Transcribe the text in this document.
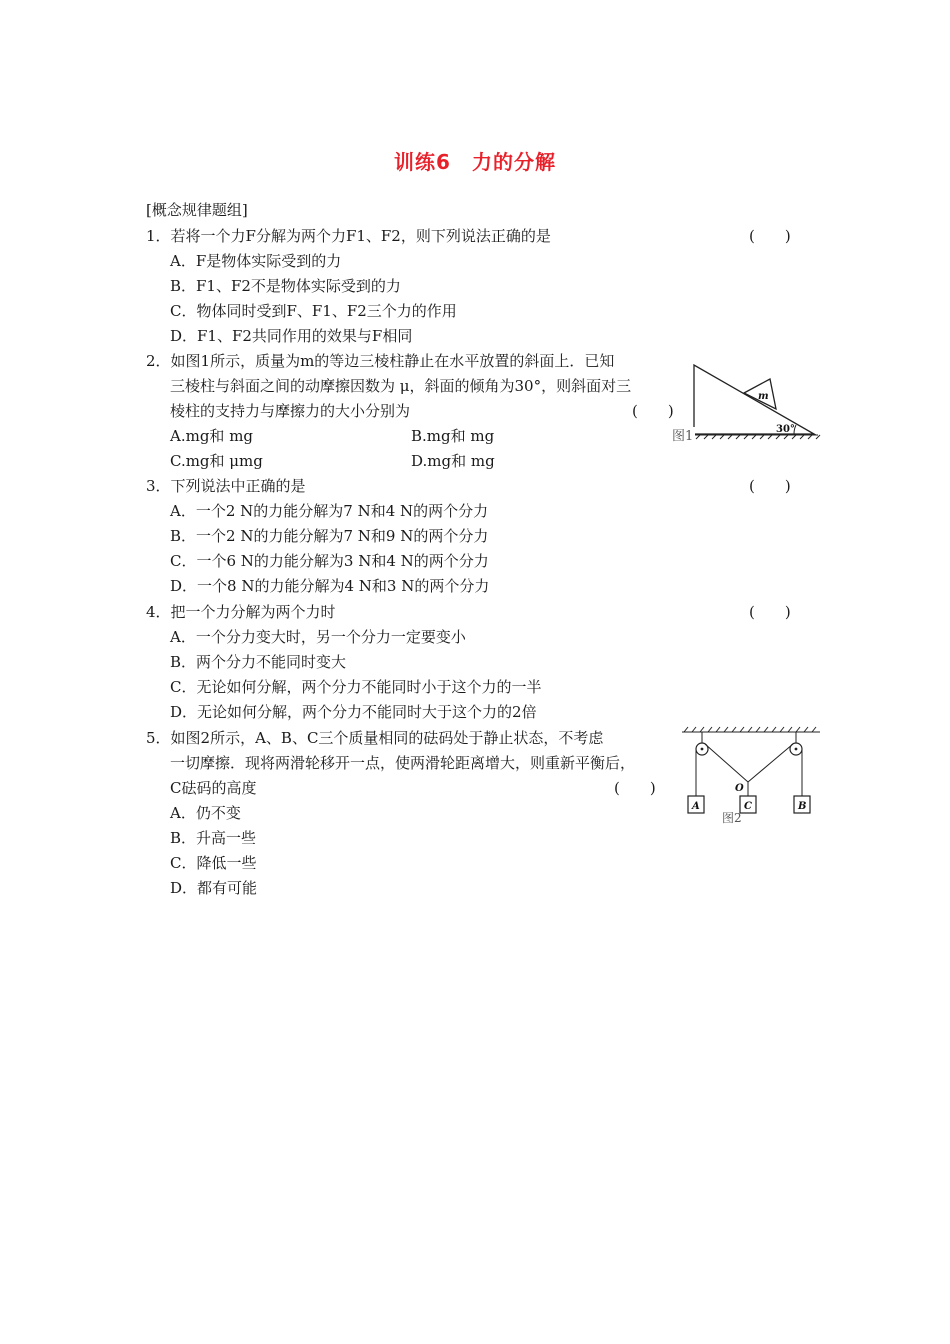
训练6　力的分解
[概念规律题组]
1．若将一个力F分解为两个力F1、F2，则下列说法正确的是	(　　)
A．F是物体实际受到的力
B．F1、F2不是物体实际受到的力
C．物体同时受到F、F1、F2三个力的作用
D．F1、F2共同作用的效果与F相同
2．如图1所示，质量为m的等边三棱柱静止在水平放置的斜面上．已知
三棱柱与斜面之间的动摩擦因数为 μ，斜面的倾角为30°，则斜面对三
棱柱的支持力与摩擦力的大小分别为	(　　)
A.mg和 mg	B.mg和 mg
C.mg和 μmg	D.mg和 mg
3．下列说法中正确的是	(　　)
A．一个2 N的力能分解为7 N和4 N的两个分力
B．一个2 N的力能分解为7 N和9 N的两个分力
C．一个6 N的力能分解为3 N和4 N的两个分力
D．一个8 N的力能分解为4 N和3 N的两个分力
4．把一个力分解为两个力时	(　　)
A．一个分力变大时，另一个分力一定要变小
B．两个分力不能同时变大
C．无论如何分解，两个分力不能同时小于这个力的一半
D．无论如何分解，两个分力不能同时大于这个力的2倍
5．如图2所示，A、B、C三个质量相同的砝码处于静止状态，不考虑
一切摩擦．现将两滑轮移开一点，使两滑轮距离增大，则重新平衡后，
C砝码的高度	(　　)
A．仍不变
B．升高一些
C．降低一些
D．都有可能
m
30°
图1
A	C	B
O
图2
